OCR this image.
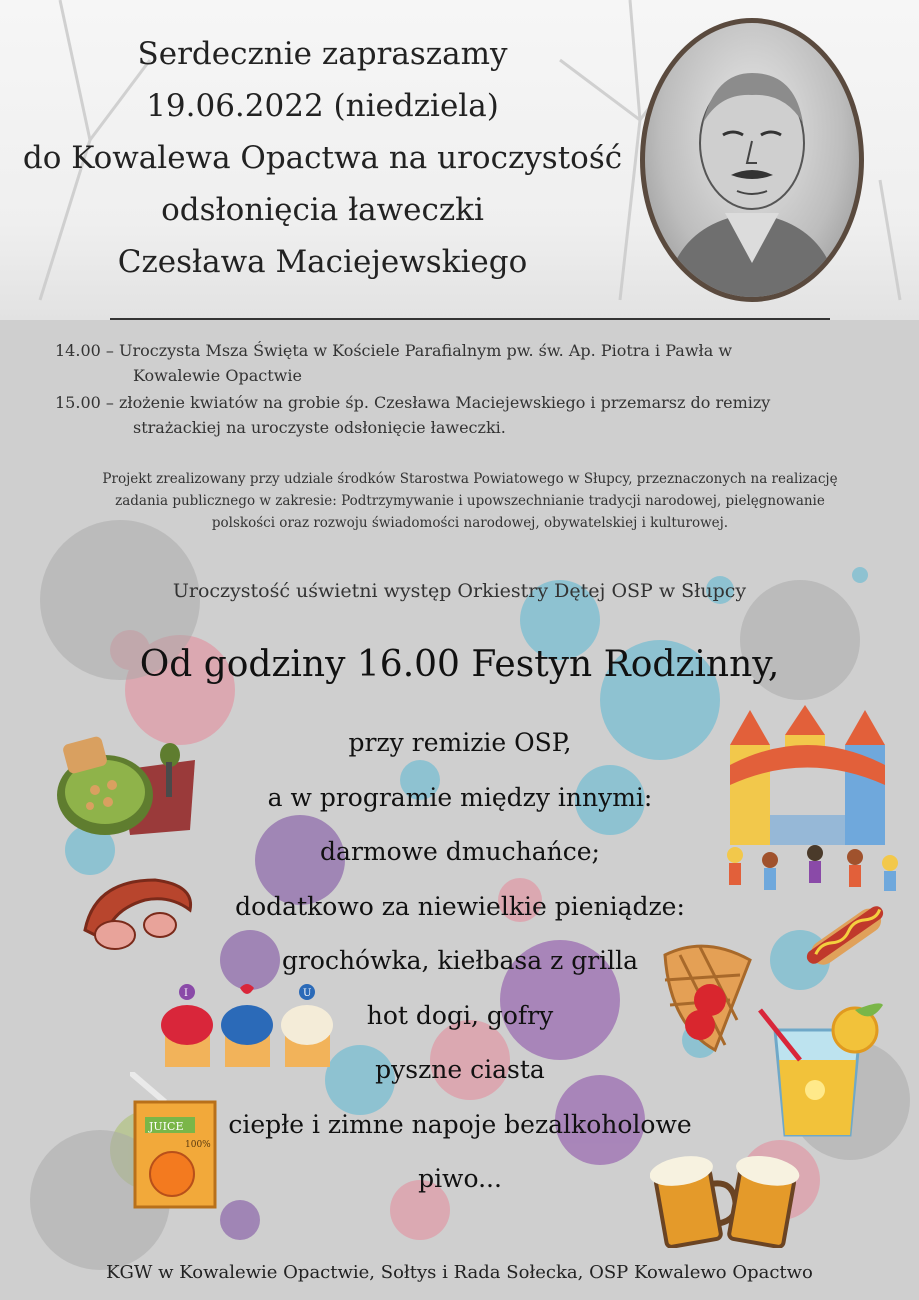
Serdecznie zapraszamy
19.06.2022 (niedziela)
do Kowalewa Opactwa na uroczystość
odsłonięcia ławeczki
Czesława Maciejewskiego
14.00 – Uroczysta Msza Święta w Kościele Parafialnym pw. św. Ap. Piotra i Pawła w
Kowalewie Opactwie
15.00 – złożenie kwiatów na grobie śp. Czesława Maciejewskiego i przemarsz do remizy
strażackiej na uroczyste odsłonięcie ławeczki.
Projekt zrealizowany przy udziale środków Starostwa Powiatowego w Słupcy, przeznaczonych na realizację
zadania publicznego w zakresie: Podtrzymywanie i upowszechnianie tradycji narodowej, pielęgnowanie
polskości oraz rozwoju świadomości narodowej, obywatelskiej i kulturowej.
Uroczystość uświetni występ Orkiestry Dętej OSP w Słupcy
Od godziny 16.00 Festyn Rodzinny,
przy remizie OSP,
a w programie między innymi:
darmowe dmuchańce;
dodatkowo za niewielkie pieniądze:
grochówka, kiełbasa z grilla
hot dogi, gofry
pyszne ciasta
ciepłe i zimne napoje bezalkoholowe
piwo...
I	U
JUICE
100%
KGW w Kowalewie Opactwie, Sołtys i Rada Sołecka, OSP Kowalewo Opactwo
